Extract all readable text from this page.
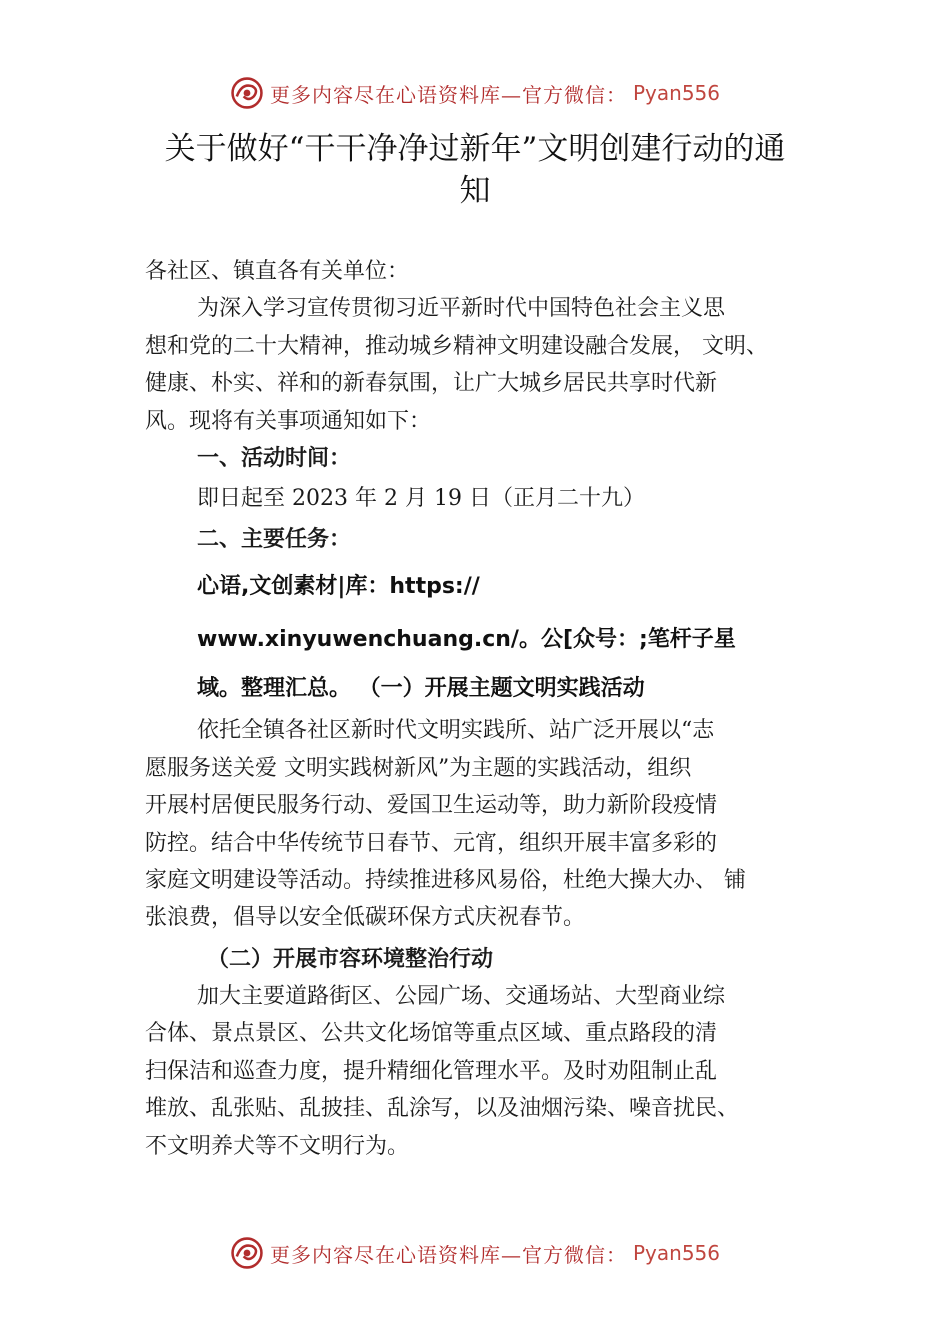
更多内容尽在心语资料库—官方微信： Pyan556
关于做好“干干净净过新年”文明创建行动的通
知
各社区、镇直各有关单位：
为深入学习宣传贯彻习近平新时代中国特色社会主义思
想和党的二十大精神，推动城乡精神文明建设融合发展， 文明、
健康、朴实、祥和的新春氛围，让广大城乡居民共享时代新
风。现将有关事项通知如下：
一、活动时间：
即日起至 2023 年 2 月 19 日（正月二十九）
二、主要任务：
心语,文创素材|库：https://
www.xinyuwenchuang.cn/。公[众号：;笔杆子星
域。整理汇总。 （一）开展主题文明实践活动
依托全镇各社区新时代文明实践所、站广泛开展以“志
愿服务送关爱 文明实践树新风”为主题的实践活动，组织
开展村居便民服务行动、爱国卫生运动等，助力新阶段疫情
防控。结合中华传统节日春节、元宵，组织开展丰富多彩的
家庭文明建设等活动。持续推进移风易俗，杜绝大操大办、 铺
张浪费，倡导以安全低碳环保方式庆祝春节。
（二）开展市容环境整治行动
加大主要道路街区、公园广场、交通场站、大型商业综
合体、景点景区、公共文化场馆等重点区域、重点路段的清
扫保洁和巡查力度，提升精细化管理水平。及时劝阻制止乱
堆放、乱张贴、乱披挂、乱涂写，以及油烟污染、噪音扰民、
不文明养犬等不文明行为。
更多内容尽在心语资料库—官方微信： Pyan556
